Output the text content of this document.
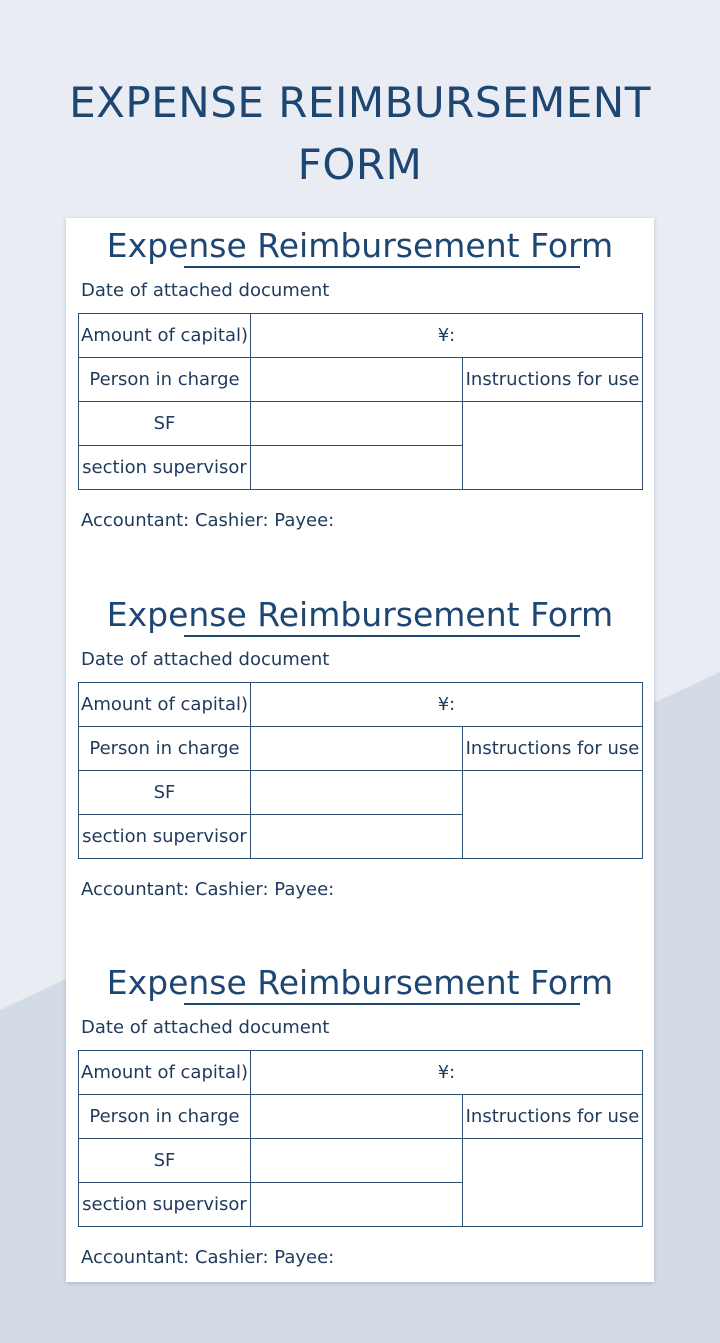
EXPENSE REIMBURSEMENT
FORM
Expense Reimbursement Form
Date of attached document
Amount of capital)	¥:	
Person in charge		Instructions for use
SF		
section supervisor		
Accountant: Cashier: Payee:
Expense Reimbursement Form
Date of attached document
Amount of capital)	¥:	
Person in charge		Instructions for use
SF		
section supervisor		
Accountant: Cashier: Payee:
Expense Reimbursement Form
Date of attached document
Amount of capital)	¥:	
Person in charge		Instructions for use
SF		
section supervisor		
Accountant: Cashier: Payee:
